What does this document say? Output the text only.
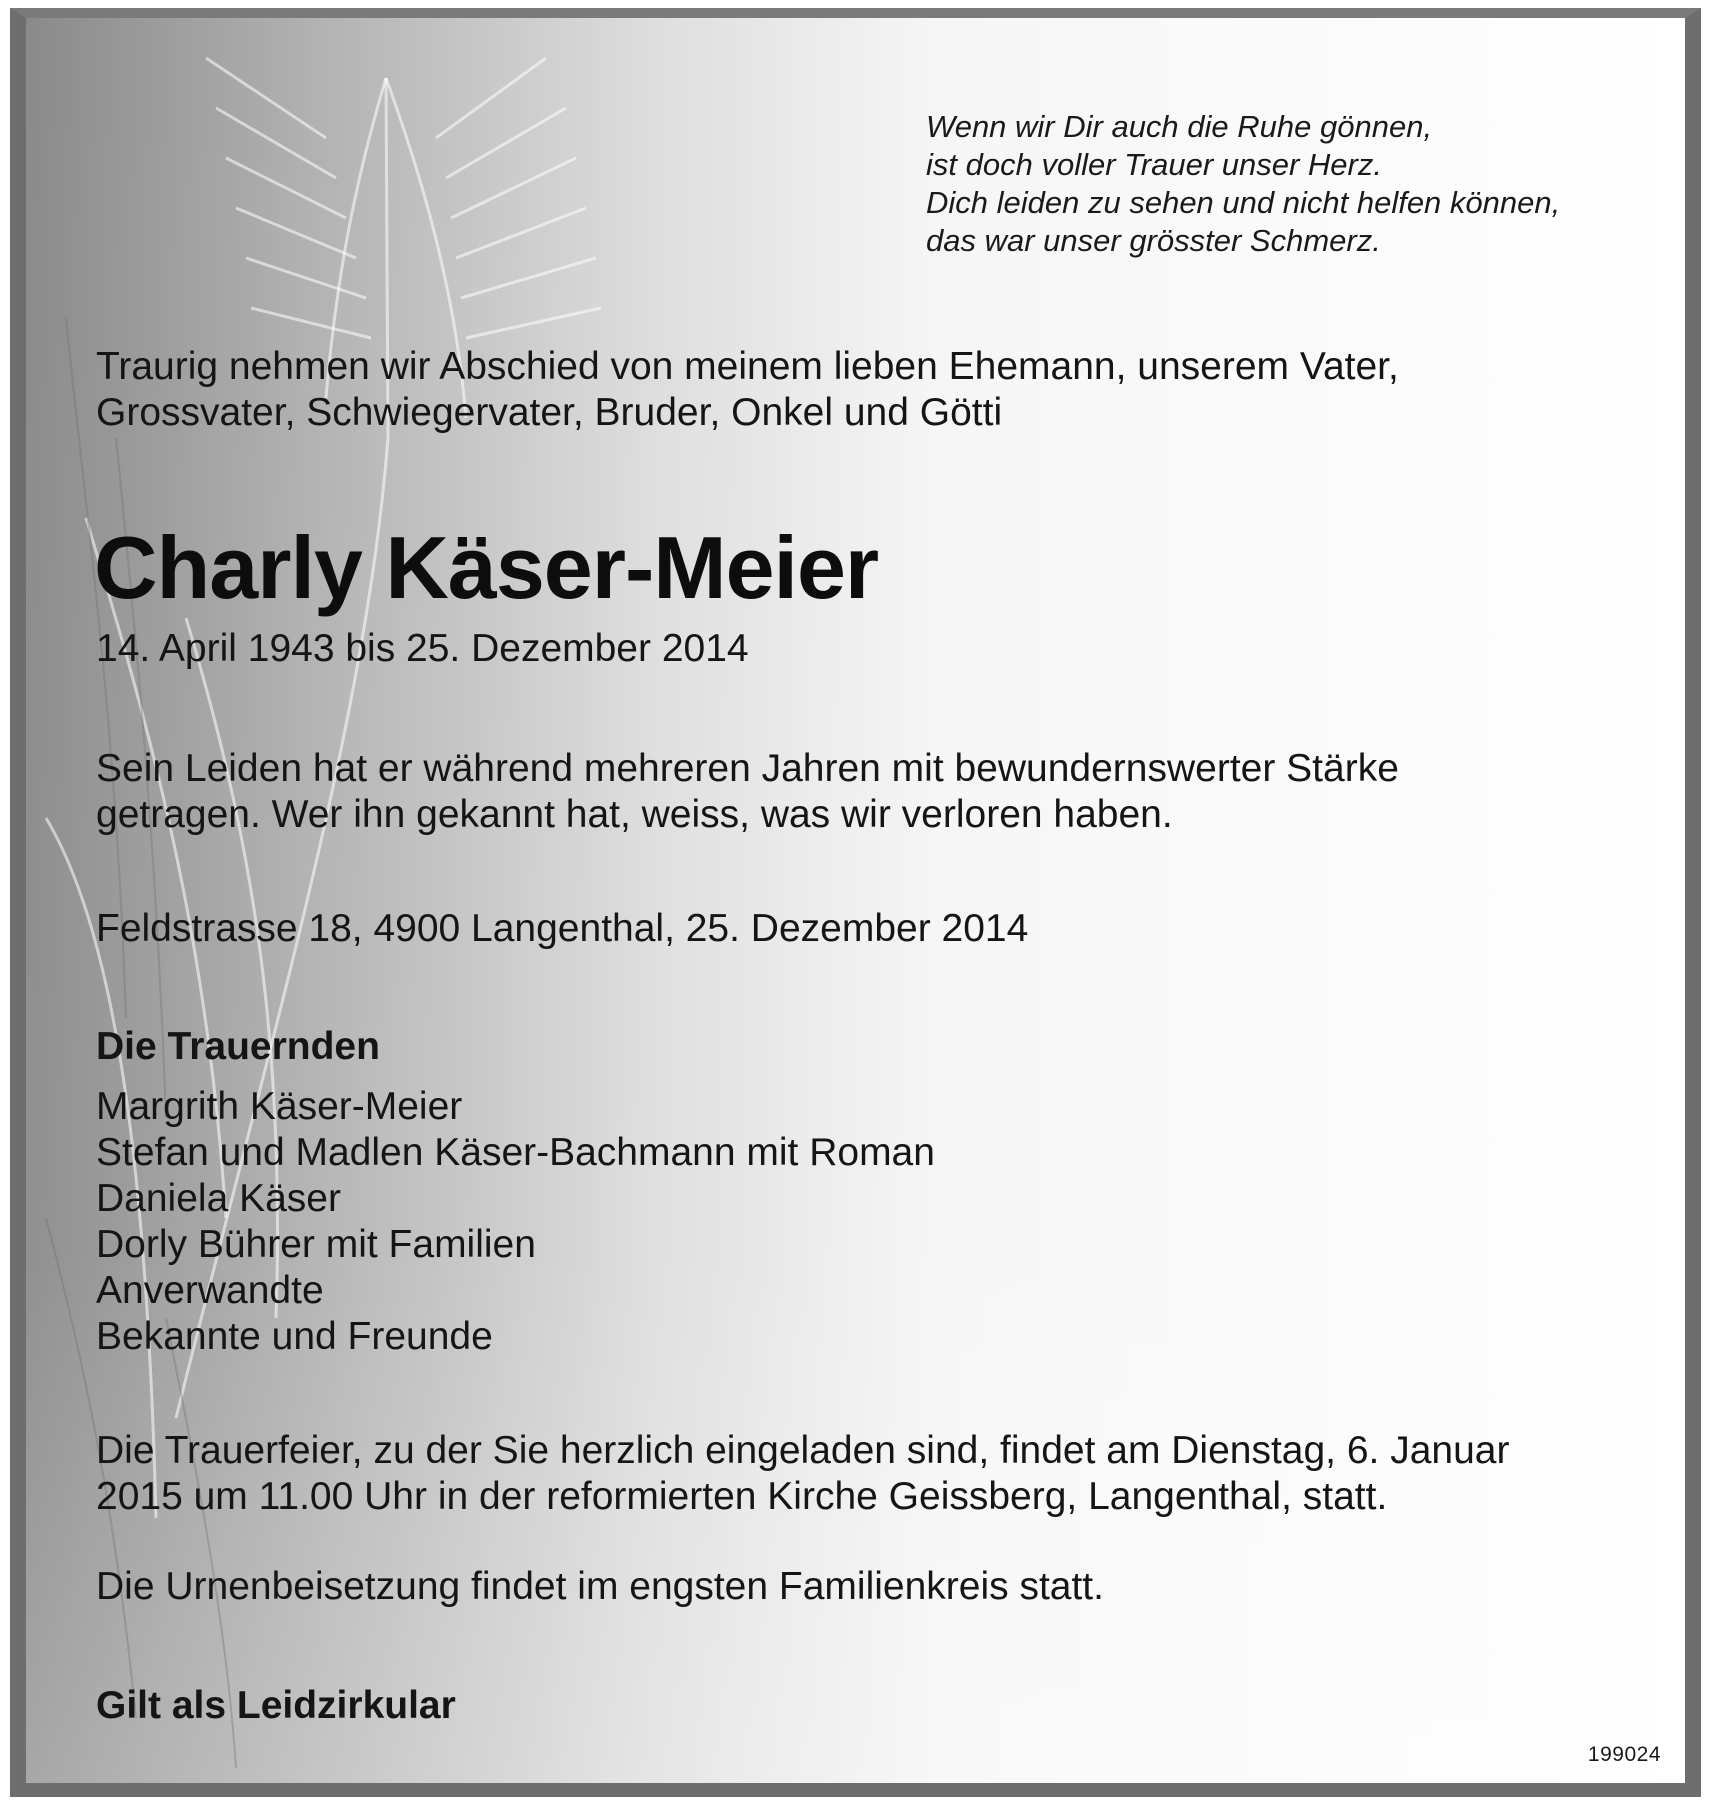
Wenn wir Dir auch die Ruhe gönnen,
ist doch voller Trauer unser Herz.
Dich leiden zu sehen und nicht helfen können,
das war unser grösster Schmerz.
Traurig nehmen wir Abschied von meinem lieben Ehemann, unserem Vater,
Grossvater, Schwiegervater, Bruder, Onkel und Götti
Charly Käser-Meier
14. April 1943 bis 25. Dezember 2014
Sein Leiden hat er während mehreren Jahren mit bewundernswerter Stärke
getragen. Wer ihn gekannt hat, weiss, was wir verloren haben.
Feldstrasse 18, 4900 Langenthal, 25. Dezember 2014
Die Trauernden
Margrith Käser-Meier
Stefan und Madlen Käser-Bachmann mit Roman
Daniela Käser
Dorly Bührer mit Familien
Anverwandte
Bekannte und Freunde
Die Trauerfeier, zu der Sie herzlich eingeladen sind, findet am Dienstag, 6. Januar
2015 um 11.00 Uhr in der reformierten Kirche Geissberg, Langenthal, statt.
Die Urnenbeisetzung findet im engsten Familienkreis statt.
Gilt als Leidzirkular
199024
